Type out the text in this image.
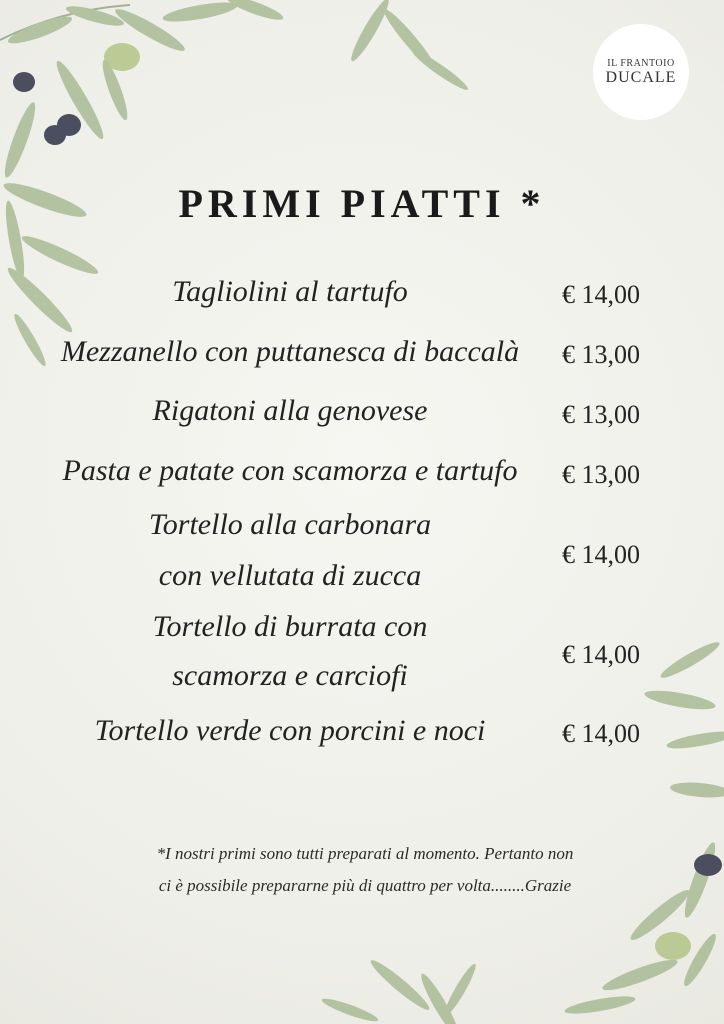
IL FRANTOIO
DUCALE
PRIMI PIATTI *
Tagliolini al tartufo	€ 14,00
Mezzanello con puttanesca di baccalà	€ 13,00
Rigatoni alla genovese	€ 13,00
Pasta e patate con scamorza e tartufo	€ 13,00
Tortello alla carbonara
con vellutata di zucca
€ 14,00
Tortello di burrata con
scamorza e carciofi
€ 14,00
Tortello verde con porcini e noci	€ 14,00
*I nostri primi sono tutti preparati al momento. Pertanto non
ci è possibile prepararne più di quattro per volta........Grazie
